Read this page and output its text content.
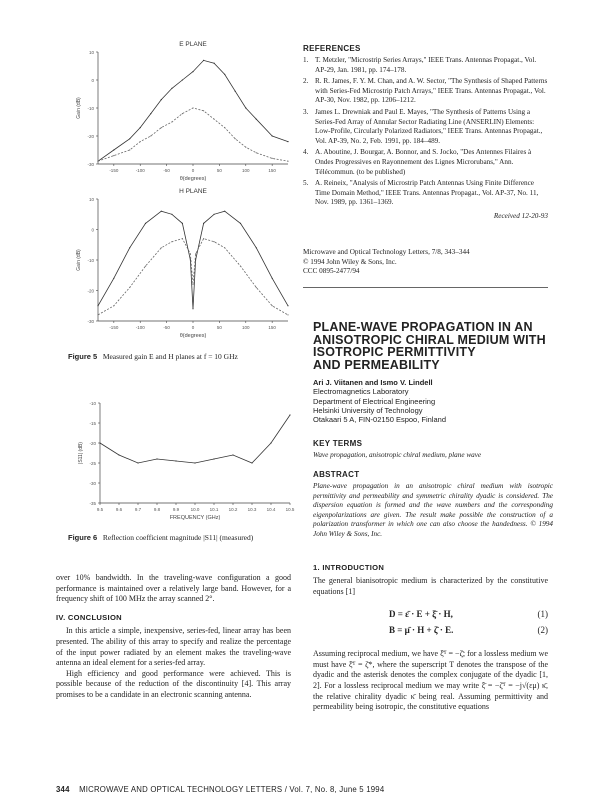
E PLANE
10
0
-10
-20
-30
-150	-100	-50	0	50	100	150
θ(degrees)
Gain (dB)
H PLANE
10
0
-10
-20
-30
-150	-100	-50	0	50	100	150
θ(degrees)
Gain (dB)
Figure 5 Measured gain E and H planes at f = 10 GHz
-10
-15
-20
-25
-30
-35
9.5	9.6	9.7	9.8	9.9	10.0 10.1 10.2 10.3 10.4 10.5
FREQUENCY (GHz)
|S11| (dB)
Figure 6 Reflection coefficient magnitude |S11| (measured)
over 10% bandwidth. In the traveling-wave configuration a good performance is maintained over a relatively large band. However, for a frequency shift of 100 MHz the array scanned 2°.
IV. CONCLUSION
In this article a simple, inexpensive, series-fed, linear array has been presented. The ability of this array to specify and realize the percentage of the input power radiated by an element makes the traveling-wave antenna an ideal element for a series-fed array.
High efficiency and good performance were achieved. This is possible because of the reduction of the discontinuity [4]. This array promises to be a candidate in an electronic scanning antenna.
REFERENCES
1. T. Metzler, "Microstrip Series Arrays," IEEE Trans. Antennas Propagat., Vol. AP-29, Jan. 1981, pp. 174–178.
2. R. R. James, F. Y. M. Chan, and A. W. Sector, "The Synthesis of Shaped Patterns with Series-Fed Microstrip Patch Arrays," IEEE Trans. Antennas Propagat., Vol. AP-30, Nov. 1982, pp. 1206–1212.
3. James L. Drewniak and Paul E. Mayes, "The Synthesis of Patterns Using a Series-Fed Array of Annular Sector Radiating Line (ANSERLIN) Elements: Low-Profile, Circularly Polarized Radiators," IEEE Trans. Antennas Propagat., Vol. AP-39, No. 2, Feb. 1991, pp. 184–489.
4. A. Aboutine, J. Bourgar, A. Bonnor, and S. Jocko, "Des Antennes Filaires à Ondes Progressives en Rayonnement des Lignes Microrubans," Ann. Télécommun. (to be published)
5. A. Reineix, "Analysis of Microstrip Patch Antennas Using Finite Difference Time Domain Method," IEEE Trans. Antennas Propagat., Vol. AP-37, No. 11, Nov. 1989, pp. 1361–1369.
Received 12-20-93
Microwave and Optical Technology Letters, 7/8, 343–344
© 1994 John Wiley & Sons, Inc.
CCC 0895-2477/94
PLANE-WAVE PROPAGATION IN AN
ANISOTROPIC CHIRAL MEDIUM WITH
ISOTROPIC PERMITTIVITY
AND PERMEABILITY
Ari J. Viitanen and Ismo V. Lindell
Electromagnetics Laboratory
Department of Electrical Engineering
Helsinki University of Technology
Otakaari 5 A, FIN-02150 Espoo, Finland
KEY TERMS
Wave propagation, anisotropic chiral medium, plane wave
ABSTRACT
Plane-wave propagation in an anisotropic chiral medium with isotropic permittivity and permeability and symmetric chirality dyadic is considered. The dispersion equation is formed and the wave numbers and the corresponding eigenpolarizations are given. The result make possible the construction of a polarization transformer in which one can also choose the handedness. © 1994 John Wiley & Sons, Inc.
1. INTRODUCTION
The general bianisotropic medium is characterized by the constitutive equations [1]
D = ε̄ · E + ξ̄ · H,	(1)
B = μ̄ · H + ζ̄ · E.	(2)
Assuming reciprocal medium, we have ξ̄ᵀ = −ζ̄; for a lossless medium we must have ξ̄ᵀ = ζ̄*, where the superscript T denotes the transpose of the dyadic and the asterisk denotes the complex conjugate of the dyadic [1, 2]. For a lossless reciprocal medium we may write ξ̄ = −ζ̄ᵀ = −j√(εμ) κ̄, the relative chirality dyadic κ̄ being real. Assuming permittivity and permeability being isotropic, the constitutive equations
344 MICROWAVE AND OPTICAL TECHNOLOGY LETTERS / Vol. 7, No. 8, June 5 1994
